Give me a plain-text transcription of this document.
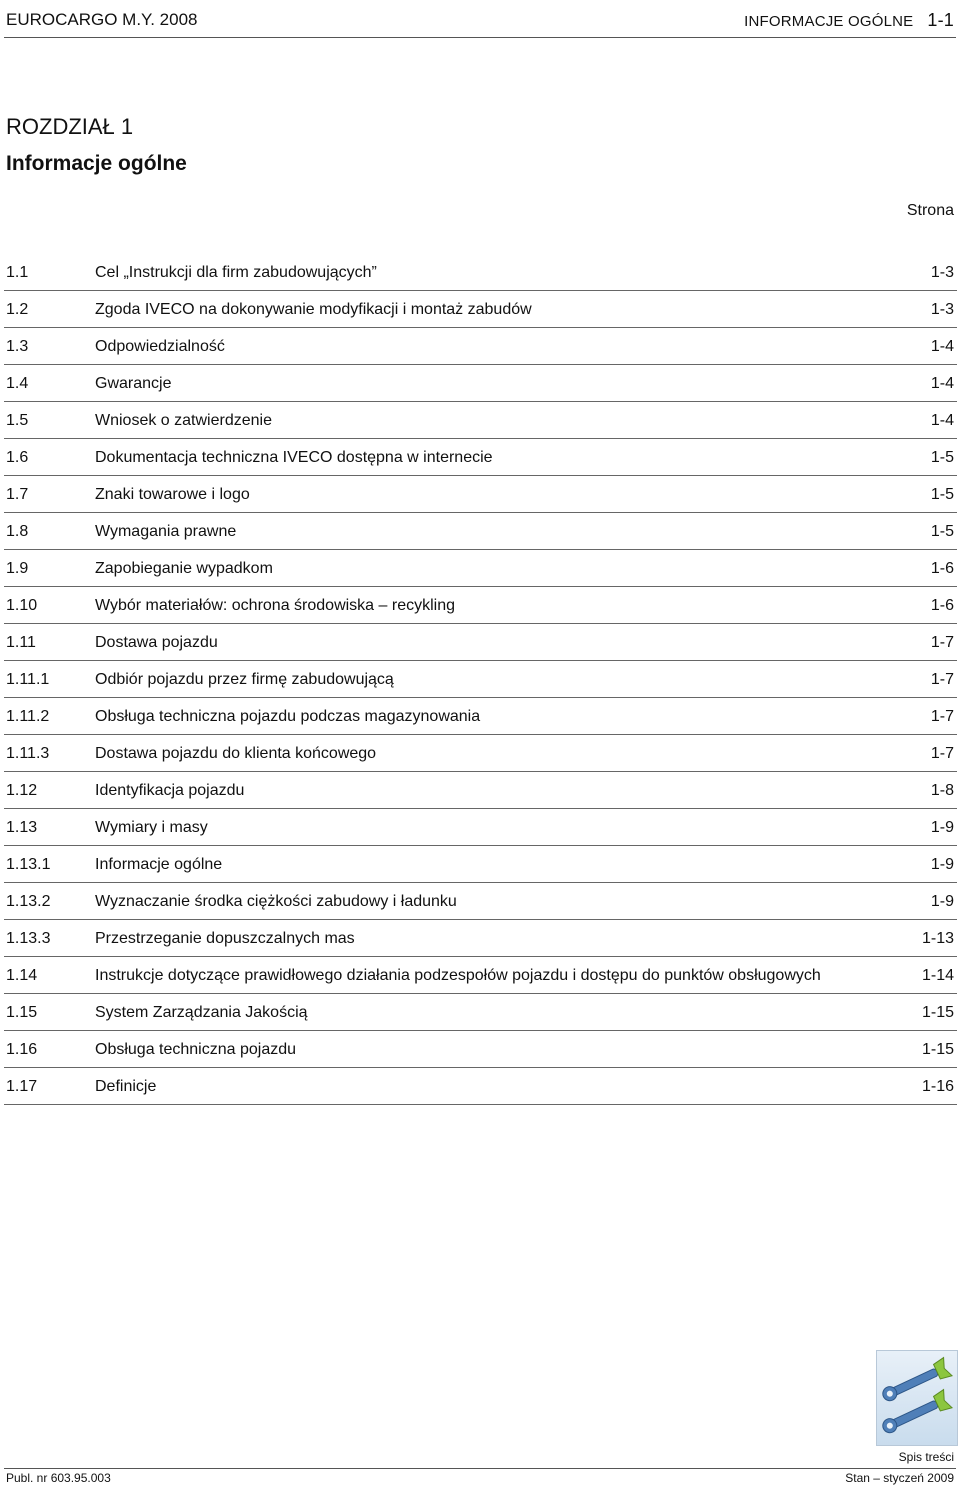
EUROCARGO M.Y. 2008	INFORMACJE OGÓLNE 1-1
ROZDZIAŁ 1
Informacje ogólne
Strona
1.1	Cel „Instrukcji dla firm zabudowujących”	1-3
1.2	Zgoda IVECO na dokonywanie modyfikacji i montaż zabudów	1-3
1.3	Odpowiedzialność	1-4
1.4	Gwarancje	1-4
1.5	Wniosek o zatwierdzenie	1-4
1.6	Dokumentacja techniczna IVECO dostępna w internecie	1-5
1.7	Znaki towarowe i logo	1-5
1.8	Wymagania prawne	1-5
1.9	Zapobieganie wypadkom	1-6
1.10	Wybór materiałów: ochrona środowiska – recykling	1-6
1.11	Dostawa pojazdu	1-7
1.11.1	Odbiór pojazdu przez firmę zabudowującą	1-7
1.11.2	Obsługa techniczna pojazdu podczas magazynowania	1-7
1.11.3	Dostawa pojazdu do klienta końcowego	1-7
1.12	Identyfikacja pojazdu	1-8
1.13	Wymiary i masy	1-9
1.13.1	Informacje ogólne	1-9
1.13.2	Wyznaczanie środka ciężkości zabudowy i ładunku	1-9
1.13.3	Przestrzeganie dopuszczalnych mas	1-13
1.14	Instrukcje dotyczące prawidłowego działania podzespołów pojazdu i dostępu do punktów obsługowych	1-14
1.15	System Zarządzania Jakością	1-15
1.16	Obsługa techniczna pojazdu	1-15
1.17	Definicje	1-16
Spis treści
Publ. nr 603.95.003	Stan – styczeń 2009
